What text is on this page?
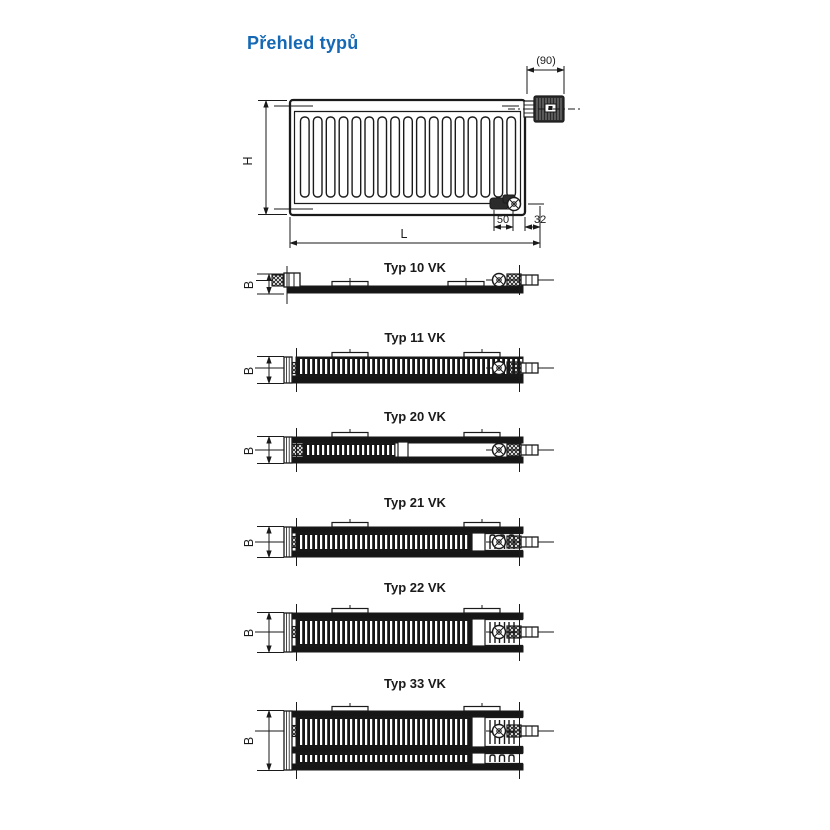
Přehled typů
H
L
(90)
50 32
Typ 10 VK
Typ 11 VK
Typ 20 VK
Typ 21 VK
Typ 22 VK
Typ 33 VK
B
B
B
B
B
B
